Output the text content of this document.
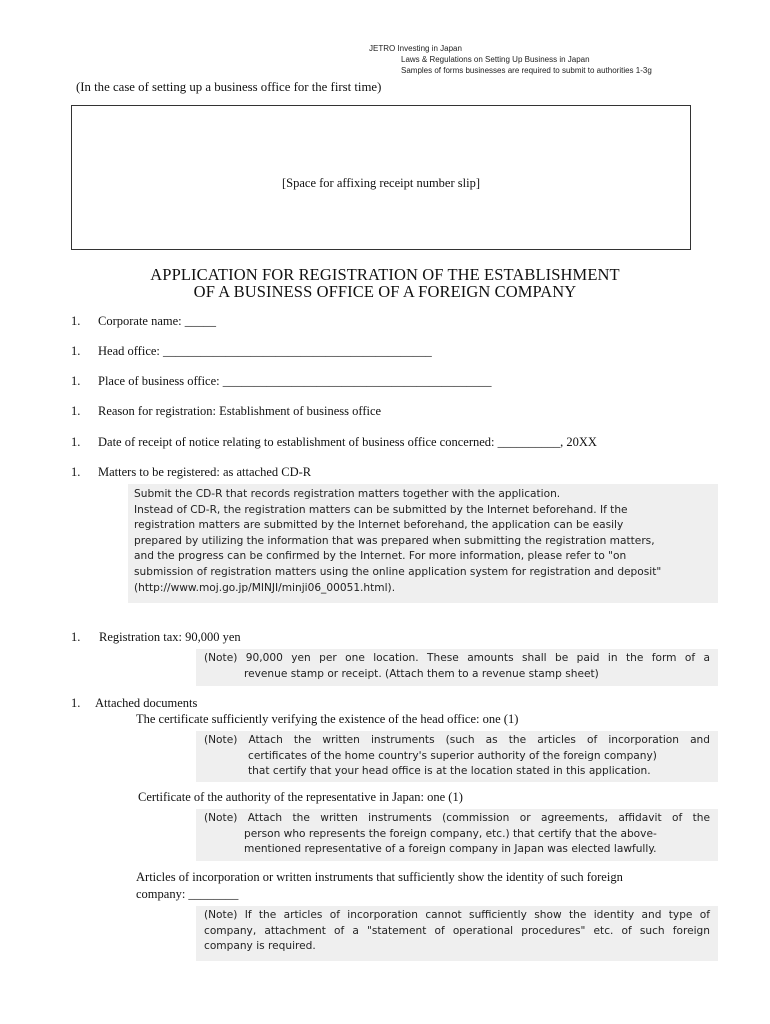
JETRO Investing in Japan
Laws & Regulations on Setting Up Business in Japan
Samples of forms businesses are required to submit to authorities 1-3g
(In the case of setting up a business office for the first time)
[Space for affixing receipt number slip]
APPLICATION FOR REGISTRATION OF THE ESTABLISHMENT
OF A BUSINESS OFFICE OF A FOREIGN COMPANY
1. Corporate name: _____
1. Head office: ___________________________________________
1. Place of business office: ___________________________________________
1. Reason for registration: Establishment of business office
1. Date of receipt of notice relating to establishment of business office concerned: __________, 20XX
1. Matters to be registered: as attached CD-R
Submit the CD-R that records registration matters together with the application.
Instead of CD-R, the registration matters can be submitted by the Internet beforehand. If the
registration matters are submitted by the Internet beforehand, the application can be easily
prepared by utilizing the information that was prepared when submitting the registration matters,
and the progress can be confirmed by the Internet. For more information, please refer to "on
submission of registration matters using the online application system for registration and deposit"
(http://www.moj.go.jp/MINJI/minji06_00051.html).
1. Registration tax: 90,000 yen
(Note) 90,000 yen per one location. These amounts shall be paid in the form of a
revenue stamp or receipt. (Attach them to a revenue stamp sheet)
1. Attached documents
The certificate sufficiently verifying the existence of the head office: one (1)
(Note) Attach the written instruments (such as the articles of incorporation and
certificates of the home country's superior authority of the foreign company)
that certify that your head office is at the location stated in this application.
Certificate of the authority of the representative in Japan: one (1)
(Note) Attach the written instruments (commission or agreements, affidavit of the
person who represents the foreign company, etc.) that certify that the above-
mentioned representative of a foreign company in Japan was elected lawfully.
Articles of incorporation or written instruments that sufficiently show the identity of such foreign
company: ________
(Note) If the articles of incorporation cannot sufficiently show the identity and type of
company, attachment of a "statement of operational procedures" etc. of such foreign
company is required.
